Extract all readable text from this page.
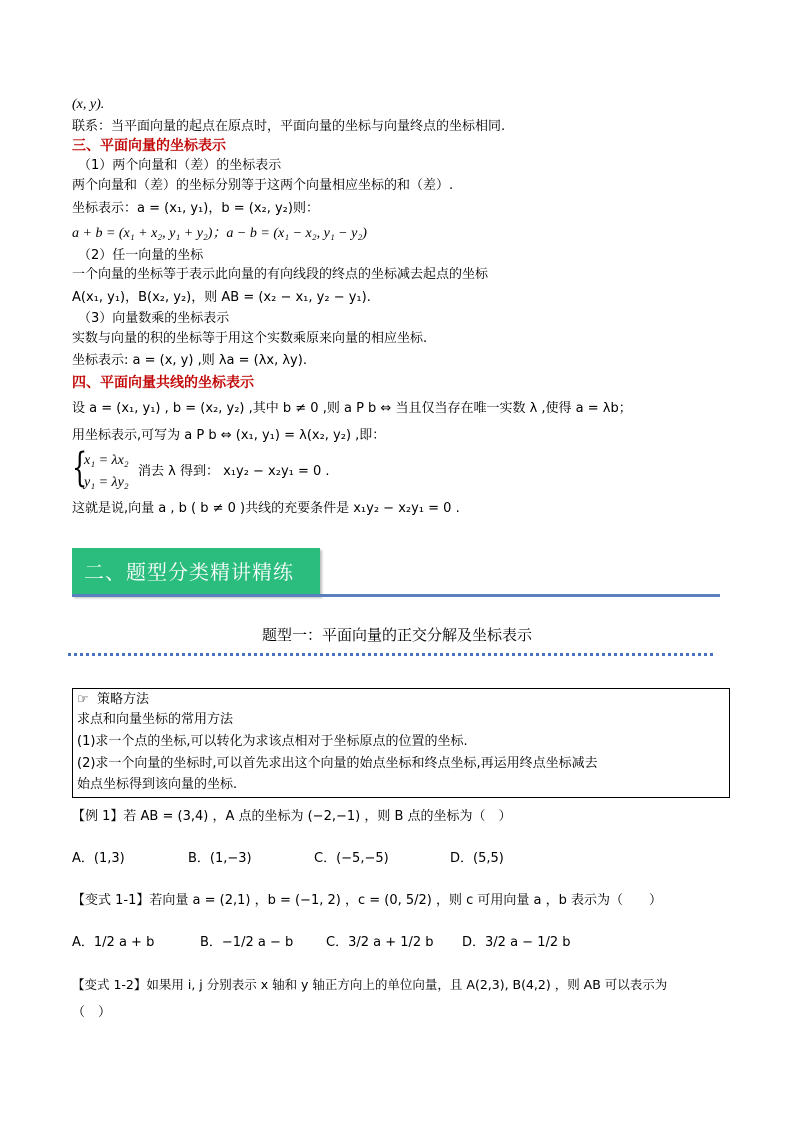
(x, y).
联系：当平面向量的起点在原点时，平面向量的坐标与向量终点的坐标相同.
三、平面向量的坐标表示
（1）两个向量和（差）的坐标表示
两个向量和（差）的坐标分别等于这两个向量相应坐标的和（差）.
坐标表示：a = (x₁, y₁)，b = (x₂, y₂)则：
a + b = (x₁ + x₂, y₁ + y₂)；a − b = (x₁ − x₂, y₁ − y₂)
（2）任一向量的坐标
一个向量的坐标等于表示此向量的有向线段的终点的坐标减去起点的坐标
A(x₁, y₁)，B(x₂, y₂)，则 AB = (x₂ − x₁, y₂ − y₁).
（3）向量数乘的坐标表示
实数与向量的积的坐标等于用这个实数乘原来向量的相应坐标.
坐标表示: a = (x, y) ,则 λa = (λx, λy).
四、平面向量共线的坐标表示
设 a = (x₁, y₁) , b = (x₂, y₂) ,其中 b ≠ 0 ,则 a P b ⇔ 当且仅当存在唯一实数 λ ,使得 a = λb；
用坐标表示,可写为 a P b ⇔ (x₁, y₁) = λ(x₂, y₂) ,即：
{
x₁ = λx₂
y₁ = λy₂
消去 λ 得到： x₁y₂ − x₂y₁ = 0 .
这就是说,向量 a , b ( b ≠ 0 )共线的充要条件是 x₁y₂ − x₂y₁ = 0 .
二、题型分类精讲精练
题型一：平面向量的正交分解及坐标表示
☞ 策略方法
求点和向量坐标的常用方法
(1)求一个点的坐标,可以转化为求该点相对于坐标原点的位置的坐标.
(2)求一个向量的坐标时,可以首先求出这个向量的始点坐标和终点坐标,再运用终点坐标减去
始点坐标得到该向量的坐标.
【例 1】若 AB = (3,4) ，A 点的坐标为 (−2,−1) ，则 B 点的坐标为（　）
A．(1,3)	B．(1,−3)	C．(−5,−5)	D．(5,5)
【变式 1-1】若向量 a = (2,1) ，b = (−1, 2) ，c = (0, 5/2) ，则 c 可用向量 a ，b 表示为（　　）
A．1/2 a + b	B．−1/2 a − b	C．3/2 a + 1/2 b D．3/2 a − 1/2 b
【变式 1-2】如果用 i, j 分别表示 x 轴和 y 轴正方向上的单位向量，且 A(2,3), B(4,2) ，则 AB 可以表示为
（　）
